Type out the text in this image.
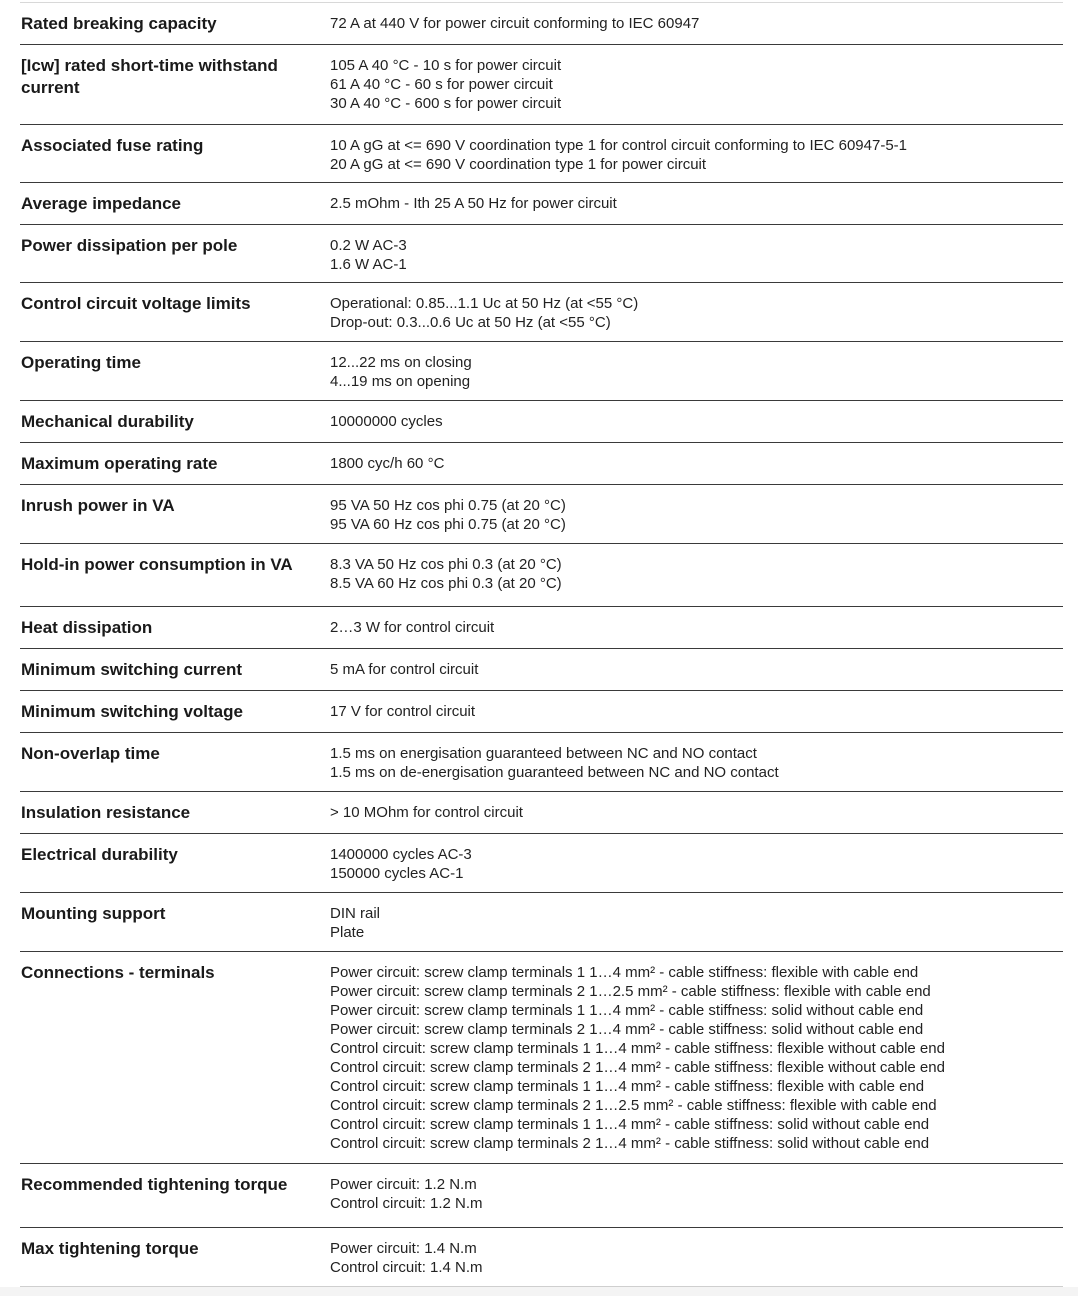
Rated breaking capacity	72 A at 440 V for power circuit conforming to IEC 60947
[Icw] rated short-time withstand current
105 A 40 °C - 10 s for power circuit
61 A 40 °C - 60 s for power circuit
30 A 40 °C - 600 s for power circuit
Associated fuse rating	10 A gG at <= 690 V coordination type 1 for control circuit conforming to IEC 60947-5-1
20 A gG at <= 690 V coordination type 1 for power circuit
Average impedance	2.5 mOhm - Ith 25 A 50 Hz for power circuit
Power dissipation per pole	0.2 W AC-3
1.6 W AC-1
Control circuit voltage limits	Operational: 0.85...1.1 Uc at 50 Hz (at <55 °C)
Drop-out: 0.3...0.6 Uc at 50 Hz (at <55 °C)
Operating time	12...22 ms on closing
4...19 ms on opening
Mechanical durability	10000000 cycles
Maximum operating rate	1800 cyc/h 60 °C
Inrush power in VA	95 VA 50 Hz cos phi 0.75 (at 20 °C)
95 VA 60 Hz cos phi 0.75 (at 20 °C)
Hold-in power consumption in VA	8.3 VA 50 Hz cos phi 0.3 (at 20 °C)
8.5 VA 60 Hz cos phi 0.3 (at 20 °C)
Heat dissipation	2…3 W for control circuit
Minimum switching current	5 mA for control circuit
Minimum switching voltage	17 V for control circuit
Non-overlap time	1.5 ms on energisation guaranteed between NC and NO contact
1.5 ms on de-energisation guaranteed between NC and NO contact
Insulation resistance	> 10 MOhm for control circuit
Electrical durability	1400000 cycles AC-3
150000 cycles AC-1
Mounting support	DIN rail
Plate
Connections - terminals	Power circuit: screw clamp terminals 1 1…4 mm² - cable stiffness: flexible with cable end
Power circuit: screw clamp terminals 2 1…2.5 mm² - cable stiffness: flexible with cable end
Power circuit: screw clamp terminals 1 1…4 mm² - cable stiffness: solid without cable end
Power circuit: screw clamp terminals 2 1…4 mm² - cable stiffness: solid without cable end
Control circuit: screw clamp terminals 1 1…4 mm² - cable stiffness: flexible without cable end
Control circuit: screw clamp terminals 2 1…4 mm² - cable stiffness: flexible without cable end
Control circuit: screw clamp terminals 1 1…4 mm² - cable stiffness: flexible with cable end
Control circuit: screw clamp terminals 2 1…2.5 mm² - cable stiffness: flexible with cable end
Control circuit: screw clamp terminals 1 1…4 mm² - cable stiffness: solid without cable end
Control circuit: screw clamp terminals 2 1…4 mm² - cable stiffness: solid without cable end
Recommended tightening torque	Power circuit: 1.2 N.m
Control circuit: 1.2 N.m
Max tightening torque	Power circuit: 1.4 N.m
Control circuit: 1.4 N.m
